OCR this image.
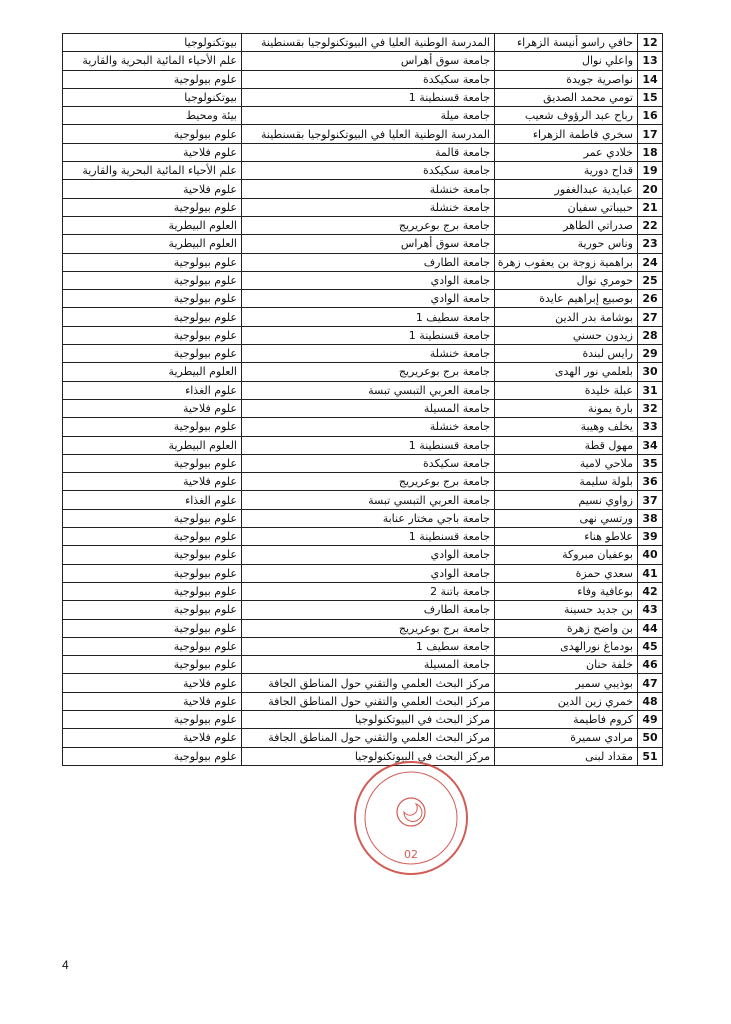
12	حافي راسو أنيسة الزهراء	المدرسة الوطنية العليا في البيوتكنولوجيا بقسنطينة	بيوتكنولوجيا
13	واعلي نوال	جامعة سوق أهراس	علم الأحياء المائية البحرية والقارية
14	نواصرية جويدة	جامعة سكيكدة	علوم بيولوجية
15	تومي محمد الصديق	جامعة قسنطينة 1	بيوتكنولوجيا
16	رباح عبد الرؤوف شعيب	جامعة ميلة	بيئة ومحيط
17	سخري فاطمة الزهراء	المدرسة الوطنية العليا في البيوتكنولوجيا بقسنطينة	علوم بيولوجية
18	خلادي عمر	جامعة قالمة	علوم فلاحية
19	قداح دورية	جامعة سكيكدة	علم الأحياء المائية البحرية والقارية
20	عبايدية عبدالغفور	جامعة خنشلة	علوم فلاحية
21	حبيباتي سفيان	جامعة خنشلة	علوم بيولوجية
22	صدراتي الطاهر	جامعة برج بوعريريج	العلوم البيطرية
23	وناس حورية	جامعة سوق أهراس	العلوم البيطرية
24	براهمية زوجة بن يعقوب زهرة	جامعة الطارف	علوم بيولوجية
25	حومري نوال	جامعة الوادي	علوم بيولوجية
26	بوصبيع إبراهيم عايدة	جامعة الوادي	علوم بيولوجية
27	بوشامة بدر الدين	جامعة سطيف 1	علوم بيولوجية
28	زيدون حسني	جامعة قسنطينة 1	علوم بيولوجية
29	رايس لبندة	جامعة خنشلة	علوم بيولوجية
30	بلعلمي نور الهدى	جامعة برج بوعريريج	العلوم البيطرية
31	عبلة خليدة	جامعة العربي التبسي تبسة	علوم الغذاء
32	بارة يمونة	جامعة المسيلة	علوم فلاحية
33	يخلف وهيبة	جامعة خنشلة	علوم بيولوجية
34	مهول قطة	جامعة قسنطينة 1	العلوم البيطرية
35	ملاحي لامية	جامعة سكيكدة	علوم بيولوجية
36	بلولة سليمة	جامعة برج بوعريريج	علوم فلاحية
37	زواوي نسيم	جامعة العربي التبسي تبسة	علوم الغذاء
38	ورتسي نهى	جامعة باجي مختار عنابة	علوم بيولوجية
39	علاطو هناء	جامعة قسنطينة 1	علوم بيولوجية
40	بوعفيان مبروكة	جامعة الوادي	علوم بيولوجية
41	سعدي حمزة	جامعة الوادي	علوم بيولوجية
42	بوعافية وفاء	جامعة باتنة 2	علوم بيولوجية
43	بن جديد حسينة	جامعة الطارف	علوم بيولوجية
44	بن واضح زهرة	جامعة برج بوعريريج	علوم بيولوجية
45	بودماغ نورالهدى	جامعة سطيف 1	علوم بيولوجية
46	خلفة حنان	جامعة المسيلة	علوم بيولوجية
47	بوذيبي سمير	مركز البحث العلمي والتقني حول المناطق الجافة	علوم فلاحية
48	خمري زين الدين	مركز البحث العلمي والتقني حول المناطق الجافة	علوم فلاحية
49	كروم فاطيمة	مركز البحث في البيوتكنولوجيا	علوم بيولوجية
50	مرادي سميرة	مركز البحث العلمي والتقني حول المناطق الجافة	علوم فلاحية
51	مقداد لبنى	مركز البحث في البيوتكنولوجيا	علوم بيولوجية
02
4
